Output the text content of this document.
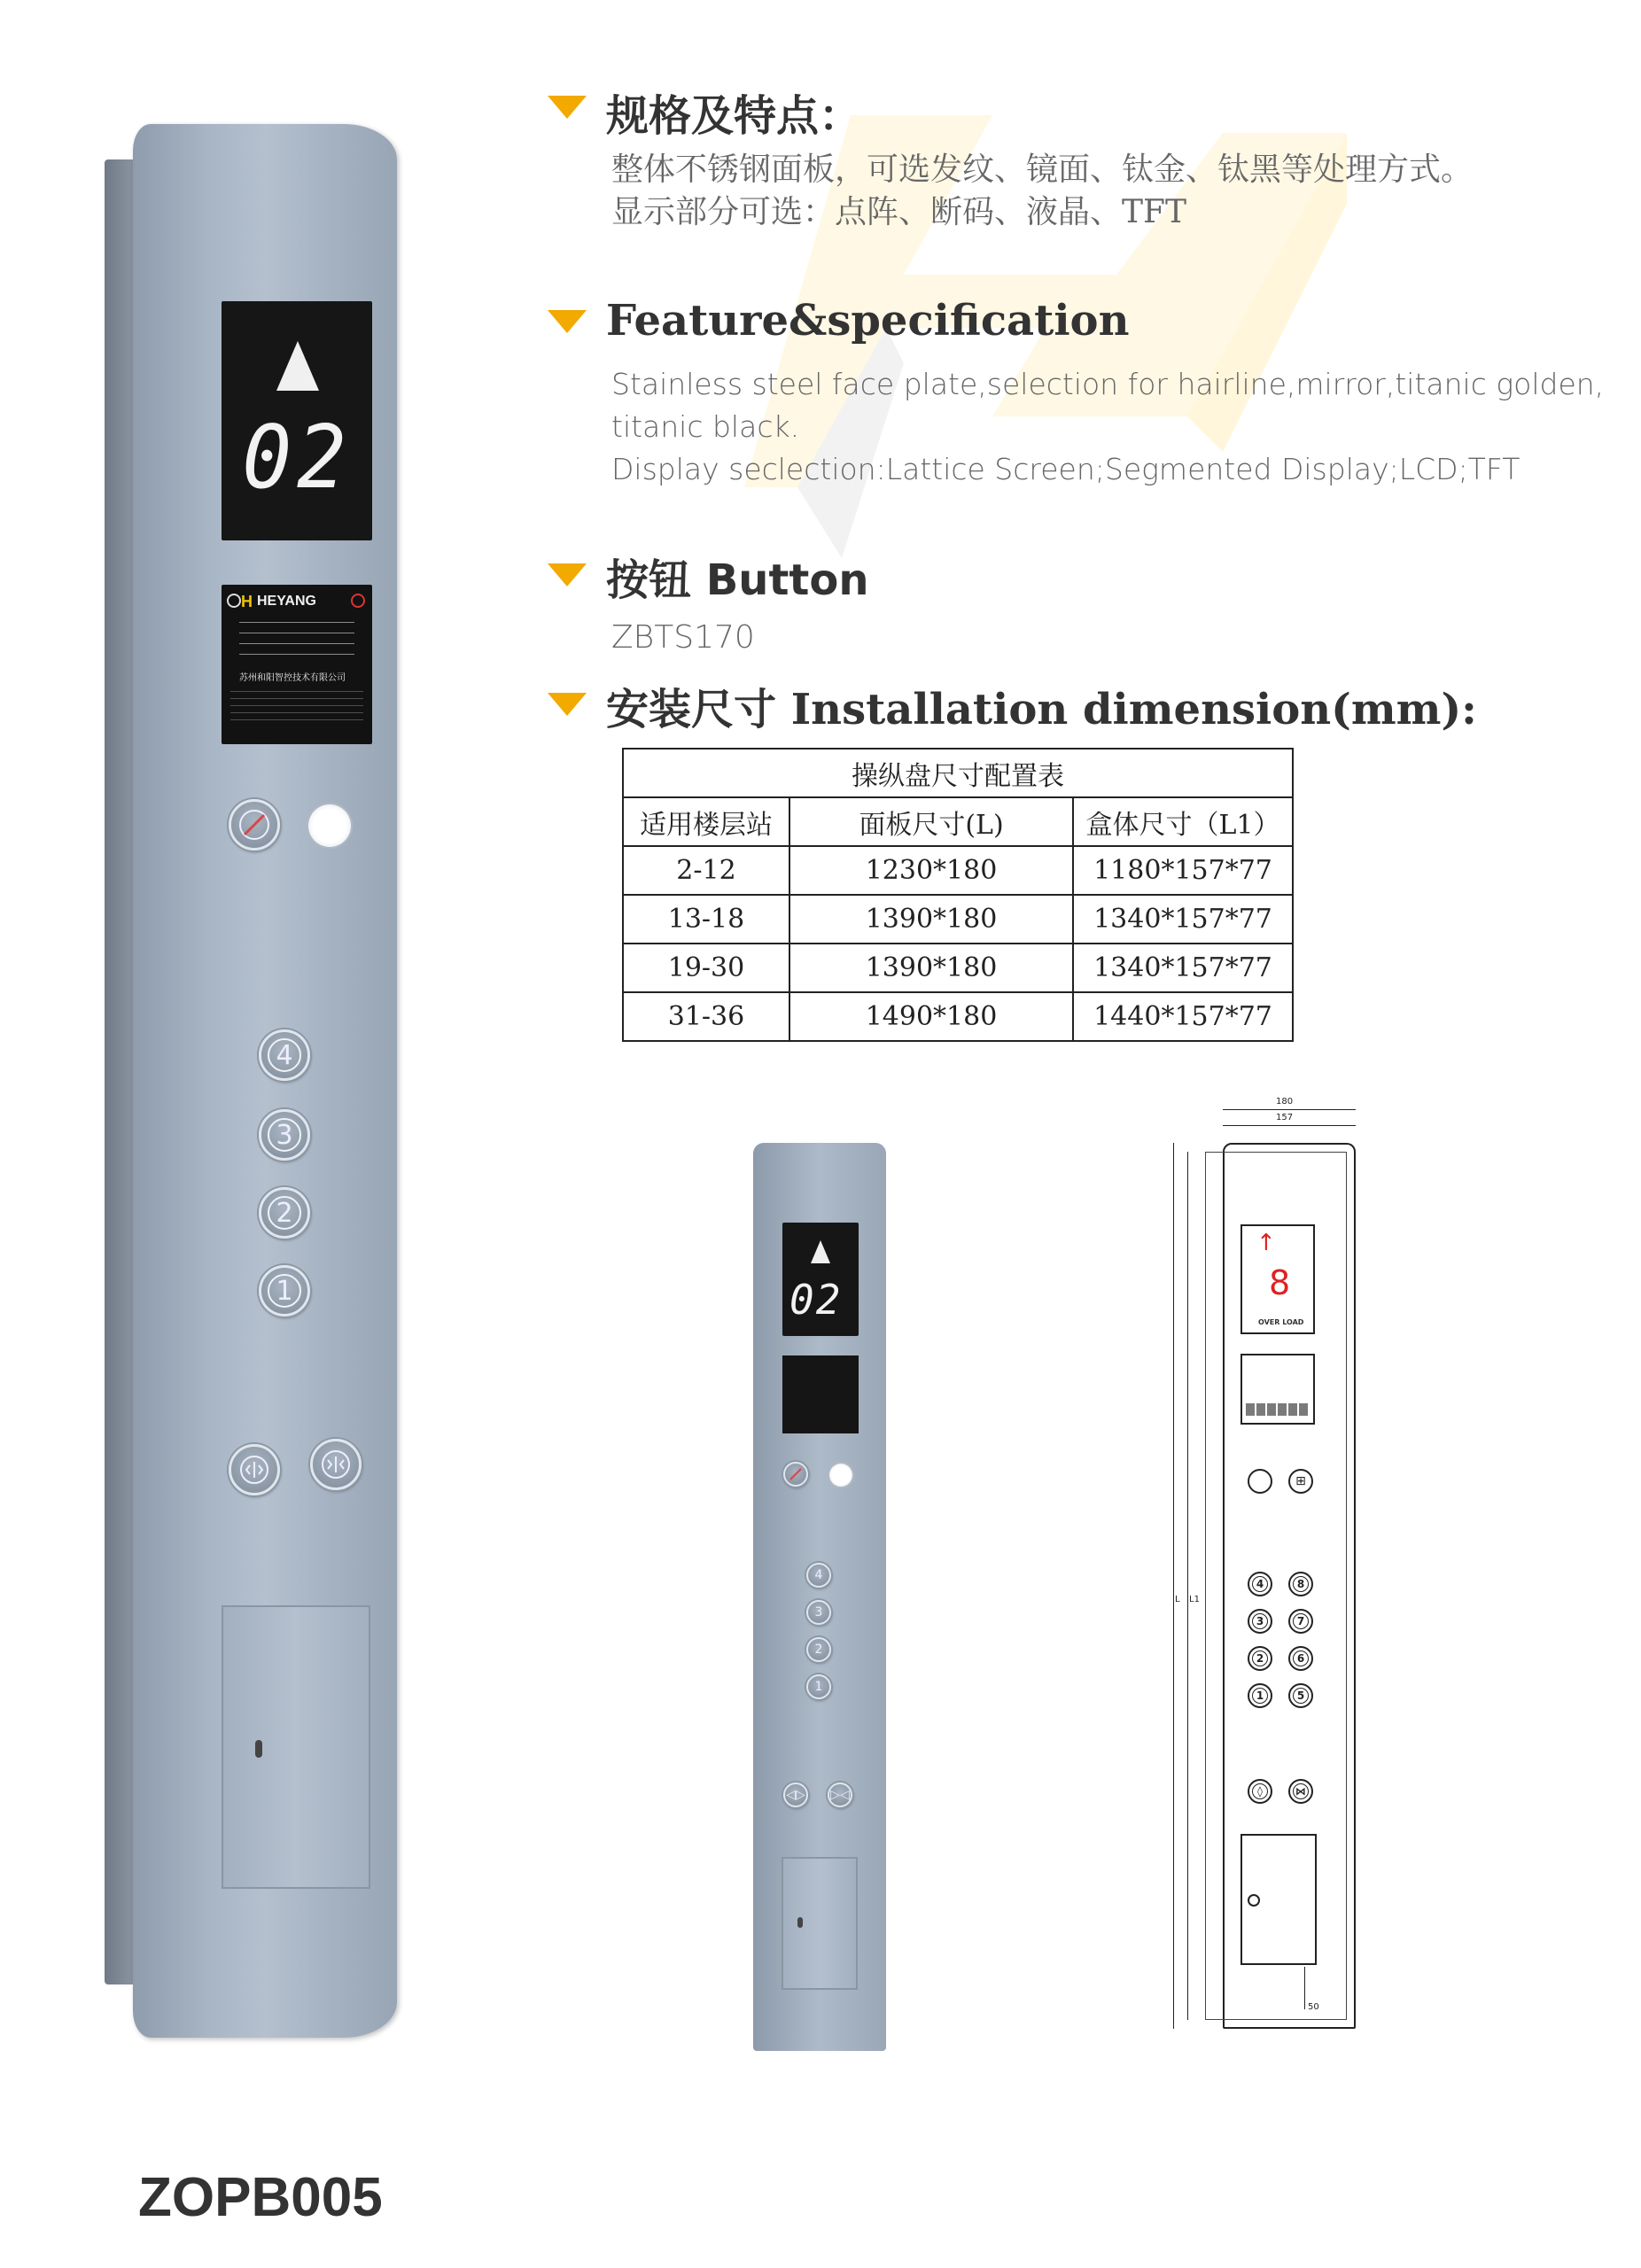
02
H HEYANG
苏州和阳智控技术有限公司
4
3
2
1
规格及特点：
整体不锈钢面板，可选发纹、镜面、钛金、钛黑等处理方式。
显示部分可选：点阵、断码、液晶、TFT
Feature&specification
Stainless steel face plate,selection for hairline,mirror,titanic golden,
titanic black.
Display seclection:Lattice Screen;Segmented Display;LCD;TFT
按钮 Button
ZBTS170
安装尺寸 Installation dimension(mm):
操纵盘尺寸配置表		
适用楼层站	面板尺寸(L)	盒体尺寸（L1）
2-12	1230*180	1180*157*77
13-18	1390*180	1340*157*77
19-30	1390*180	1340*157*77
31-36	1490*180	1440*157*77
02
4
3
2
1
◁▷ ▷◁
180
157
L L1
↑
8
OVER LOAD
⊞
4
3
2
1
8
7
6
5
◊	⋈
50
ZOPB005
